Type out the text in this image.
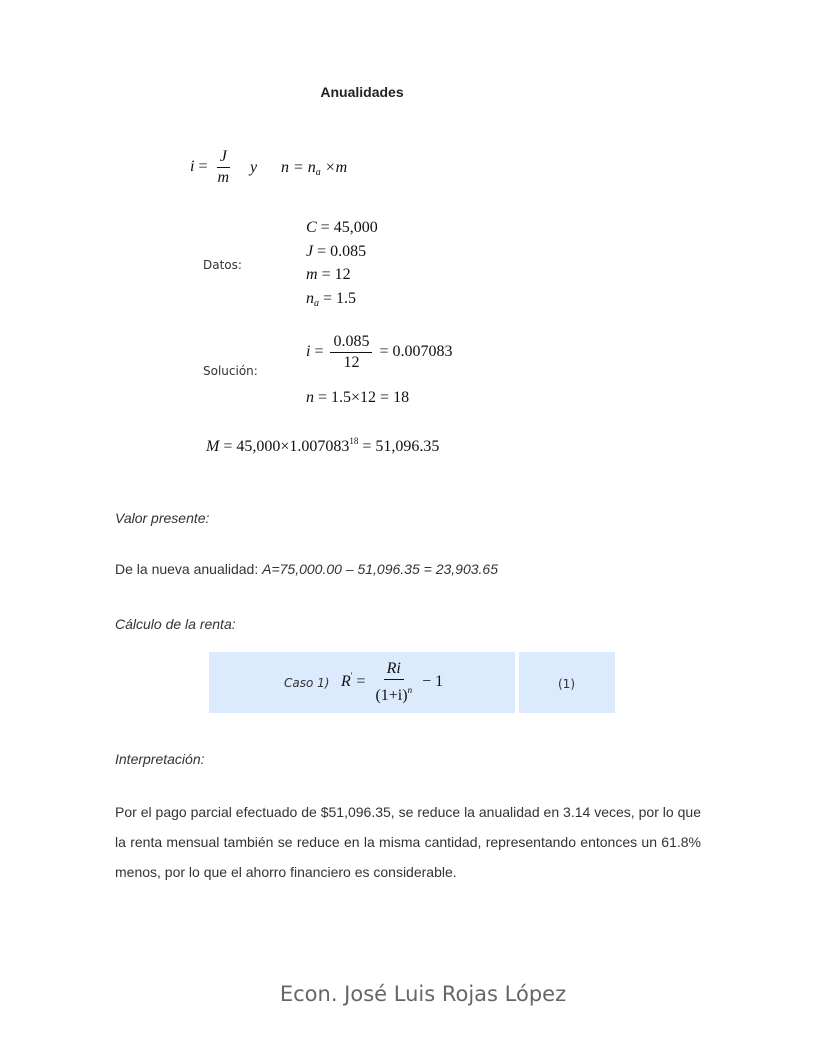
Anualidades
$i = \frac{J}{m}$ y $n = n_a \times m$
Datos:
C = 45,000
J = 0.085
m = 12
$n_a = 1.5$
Solución:
$i = \frac{0.085}{12} = 0.007083$
n = 1.5×12 = 18
$M = 45,000\times 1.007083^{18} = 51,096.35$
Valor presente:
De la nueva anualidad: A=75,000.00 – 51,096.35 = 23,903.65
Cálculo de la renta:
Caso 1) $R' = \frac{Ri}{(1+i)^n} - 1$	(1)
Interpretación:
Por el pago parcial efectuado de $51,096.35, se reduce la anualidad en 3.14 veces, por lo que la renta mensual también se reduce en la misma cantidad, representando entonces un 61.8% menos, por lo que el ahorro financiero es considerable.
Econ. José Luis Rojas López
